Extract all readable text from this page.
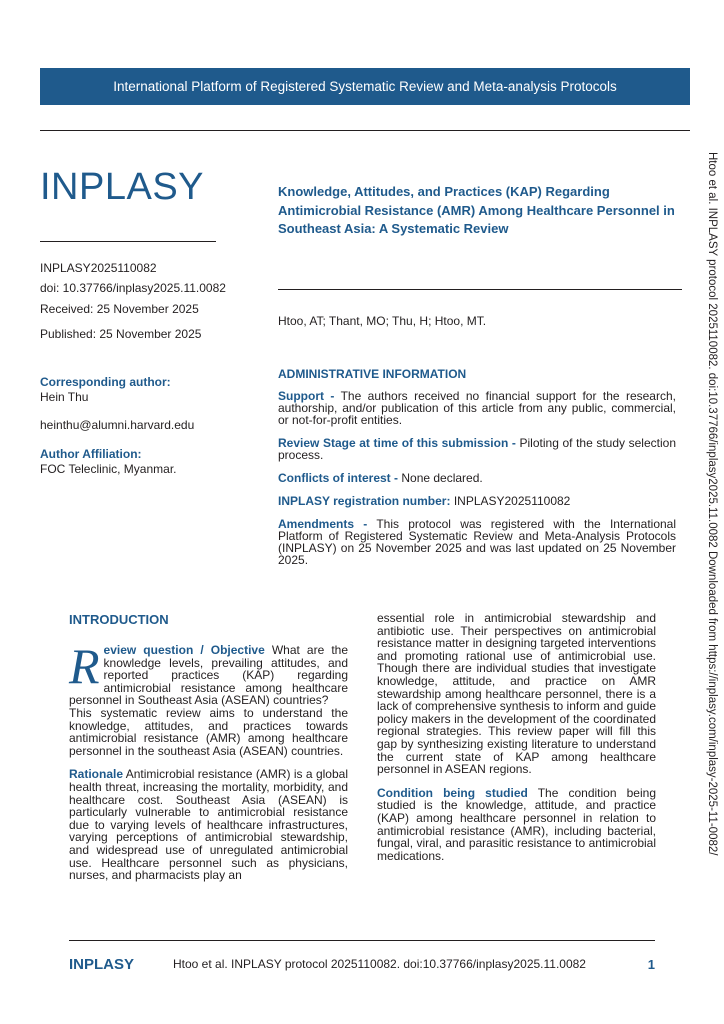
International Platform of Registered Systematic Review and Meta-analysis Protocols
INPLASY
INPLASY2025110082
doi: 10.37766/inplasy2025.11.0082
Received: 25 November 2025
Published: 25 November 2025
Corresponding author:
Hein Thu
heinthu@alumni.harvard.edu
Author Affiliation:
FOC Teleclinic, Myanmar.
Knowledge, Attitudes, and Practices (KAP) Regarding Antimicrobial Resistance (AMR) Among Healthcare Personnel in Southeast Asia: A Systematic Review
Htoo, AT; Thant, MO; Thu, H; Htoo, MT.
ADMINISTRATIVE INFORMATION

Support - The authors received no financial support for the research, authorship, and/or publication of this article from any public, commercial, or not-for-profit entities.

Review Stage at time of this submission - Piloting of the study selection process.

Conflicts of interest - None declared.

INPLASY registration number: INPLASY2025110082

Amendments - This protocol was registered with the International Platform of Registered Systematic Review and Meta-Analysis Protocols (INPLASY) on 25 November 2025 and was last updated on 25 November 2025.	Htoo et al. INPLASY protocol 2025110082. doi:10.37766/inplasy2025.11.0082 Downloaded from https://inplasy.com/inplasy-2025-11-0082/
INTRODUCTION

Review question / Objective What are the knowledge levels, prevailing attitudes, and reported practices (KAP) regarding antimicrobial resistance among healthcare personnel in Southeast Asia (ASEAN) countries?
This systematic review aims to understand the knowledge, attitudes, and practices towards antimicrobial resistance (AMR) among healthcare personnel in the southeast Asia (ASEAN) countries.

Rationale Antimicrobial resistance (AMR) is a global health threat, increasing the mortality, morbidity, and healthcare cost. Southeast Asia (ASEAN) is particularly vulnerable to antimicrobial resistance due to varying levels of healthcare infrastructures, varying perceptions of antimicrobial stewardship, and widespread use of unregulated antimicrobial use. Healthcare personnel such as physicians, nurses, and pharmacists play an

essential role in antimicrobial stewardship and antibiotic use. Their perspectives on antimicrobial resistance matter in designing targeted interventions and promoting rational use of antimicrobial use. Though there are individual studies that investigate knowledge, attitude, and practice on AMR stewardship among healthcare personnel, there is a lack of comprehensive synthesis to inform and guide policy makers in the development of the coordinated regional strategies. This review paper will fill this gap by synthesizing existing literature to understand the current state of KAP among healthcare personnel in ASEAN regions.

Condition being studied The condition being studied is the knowledge, attitude, and practice (KAP) among healthcare personnel in relation to antimicrobial resistance (AMR), including bacterial, fungal, viral, and parasitic resistance to antimicrobial medications.

INPLASY	Htoo et al. INPLASY protocol 2025110082. doi:10.37766/inplasy2025.11.0082	1
